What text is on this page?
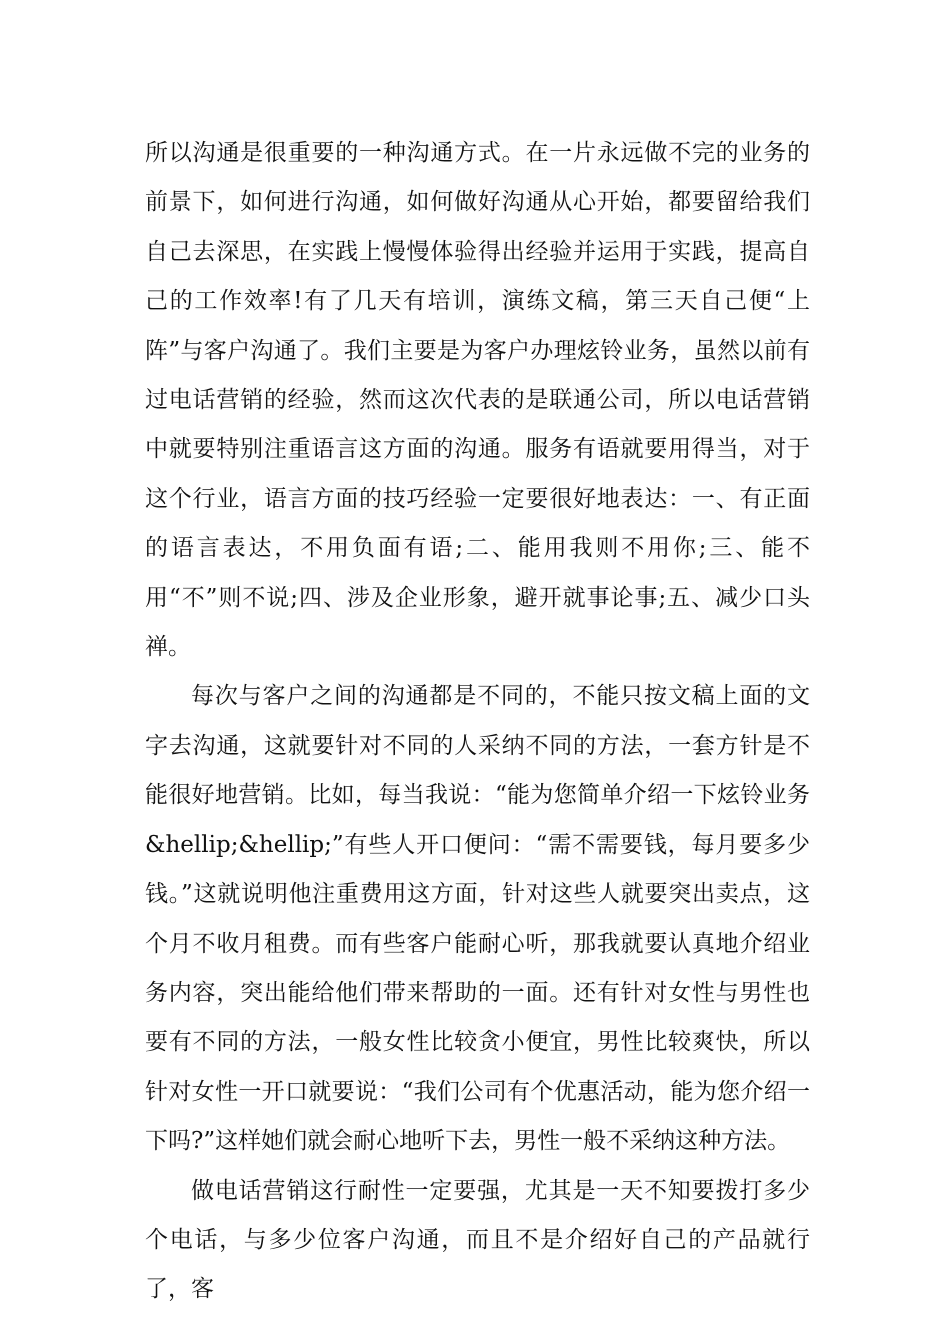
所以沟通是很重要的一种沟通方式。在一片永远做不完的业务的前景下，如何进行沟通，如何做好沟通从心开始，都要留给我们自己去深思，在实践上慢慢体验得出经验并运用于实践，提高自己的工作效率!有了几天有培训，演练文稿，第三天自己便“上阵”与客户沟通了。我们主要是为客户办理炫铃业务，虽然以前有过电话营销的经验，然而这次代表的是联通公司，所以电话营销中就要特别注重语言这方面的沟通。服务有语就要用得当，对于这个行业，语言方面的技巧经验一定要很好地表达：一、有正面的语言表达，不用负面有语;二、能用我则不用你;三、能不用“不”则不说;四、涉及企业形象，避开就事论事;五、减少口头禅。

每次与客户之间的沟通都是不同的，不能只按文稿上面的文字去沟通，这就要针对不同的人采纳不同的方法，一套方针是不能很好地营销。比如，每当我说：“能为您简单介绍一下炫铃业务&hellip;&hellip;”有些人开口便问：“需不需要钱，每月要多少钱。”这就说明他注重费用这方面，针对这些人就要突出卖点，这个月不收月租费。而有些客户能耐心听，那我就要认真地介绍业务内容，突出能给他们带来帮助的一面。还有针对女性与男性也要有不同的方法，一般女性比较贪小便宜，男性比较爽快，所以针对女性一开口就要说：“我们公司有个优惠活动，能为您介绍一下吗?”这样她们就会耐心地听下去，男性一般不采纳这种方法。

做电话营销这行耐性一定要强，尤其是一天不知要拨打多少个电话，与多少位客户沟通，而且不是介绍好自己的产品就行了，客
